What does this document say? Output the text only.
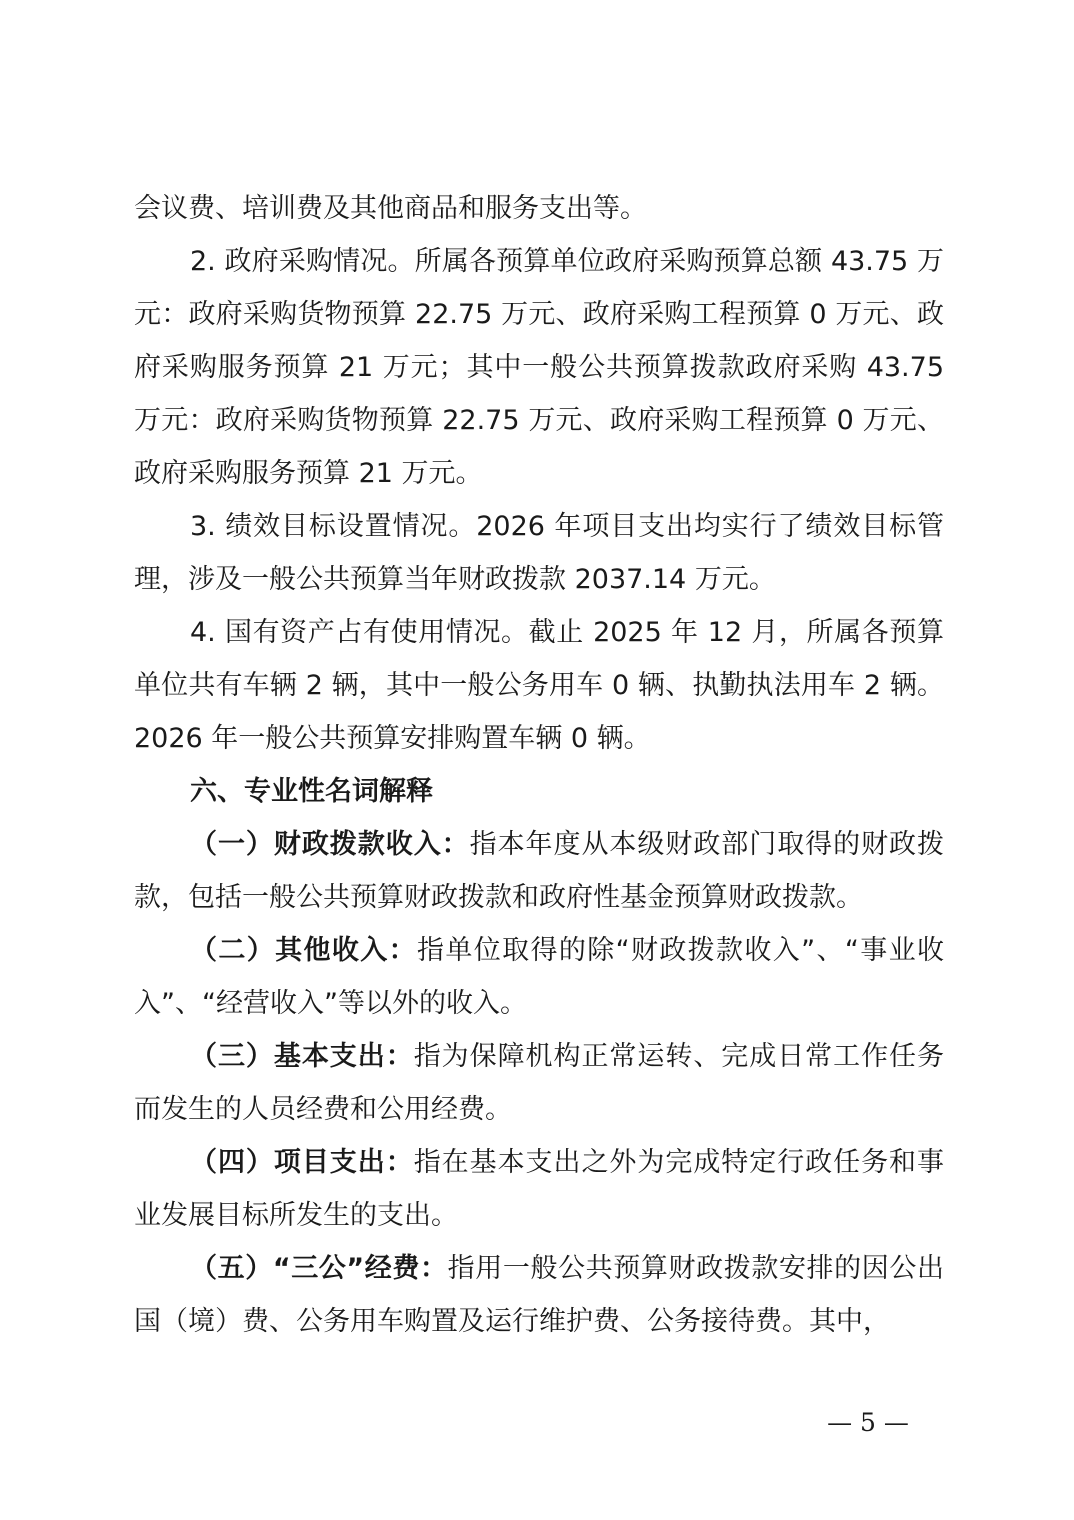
会议费、培训费及其他商品和服务支出等。

2. 政府采购情况。所属各预算单位政府采购预算总额 43.75 万元：政府采购货物预算 22.75 万元、政府采购工程预算 0 万元、政府采购服务预算 21 万元；其中一般公共预算拨款政府采购 43.75 万元：政府采购货物预算 22.75 万元、政府采购工程预算 0 万元、政府采购服务预算 21 万元。

3. 绩效目标设置情况。2026 年项目支出均实行了绩效目标管理，涉及一般公共预算当年财政拨款 2037.14 万元。

4. 国有资产占有使用情况。截止 2025 年 12 月，所属各预算单位共有车辆 2 辆，其中一般公务用车 0 辆、执勤执法用车 2 辆。2026 年一般公共预算安排购置车辆 0 辆。

六、专业性名词解释

（一）财政拨款收入：指本年度从本级财政部门取得的财政拨款，包括一般公共预算财政拨款和政府性基金预算财政拨款。

（二）其他收入：指单位取得的除“财政拨款收入”、“事业收入”、“经营收入”等以外的收入。

（三）基本支出：指为保障机构正常运转、完成日常工作任务而发生的人员经费和公用经费。

（四）项目支出：指在基本支出之外为完成特定行政任务和事业发展目标所发生的支出。

（五）“三公”经费：指用一般公共预算财政拨款安排的因公出国（境）费、公务用车购置及运行维护费、公务接待费。其中，

— 5 —
